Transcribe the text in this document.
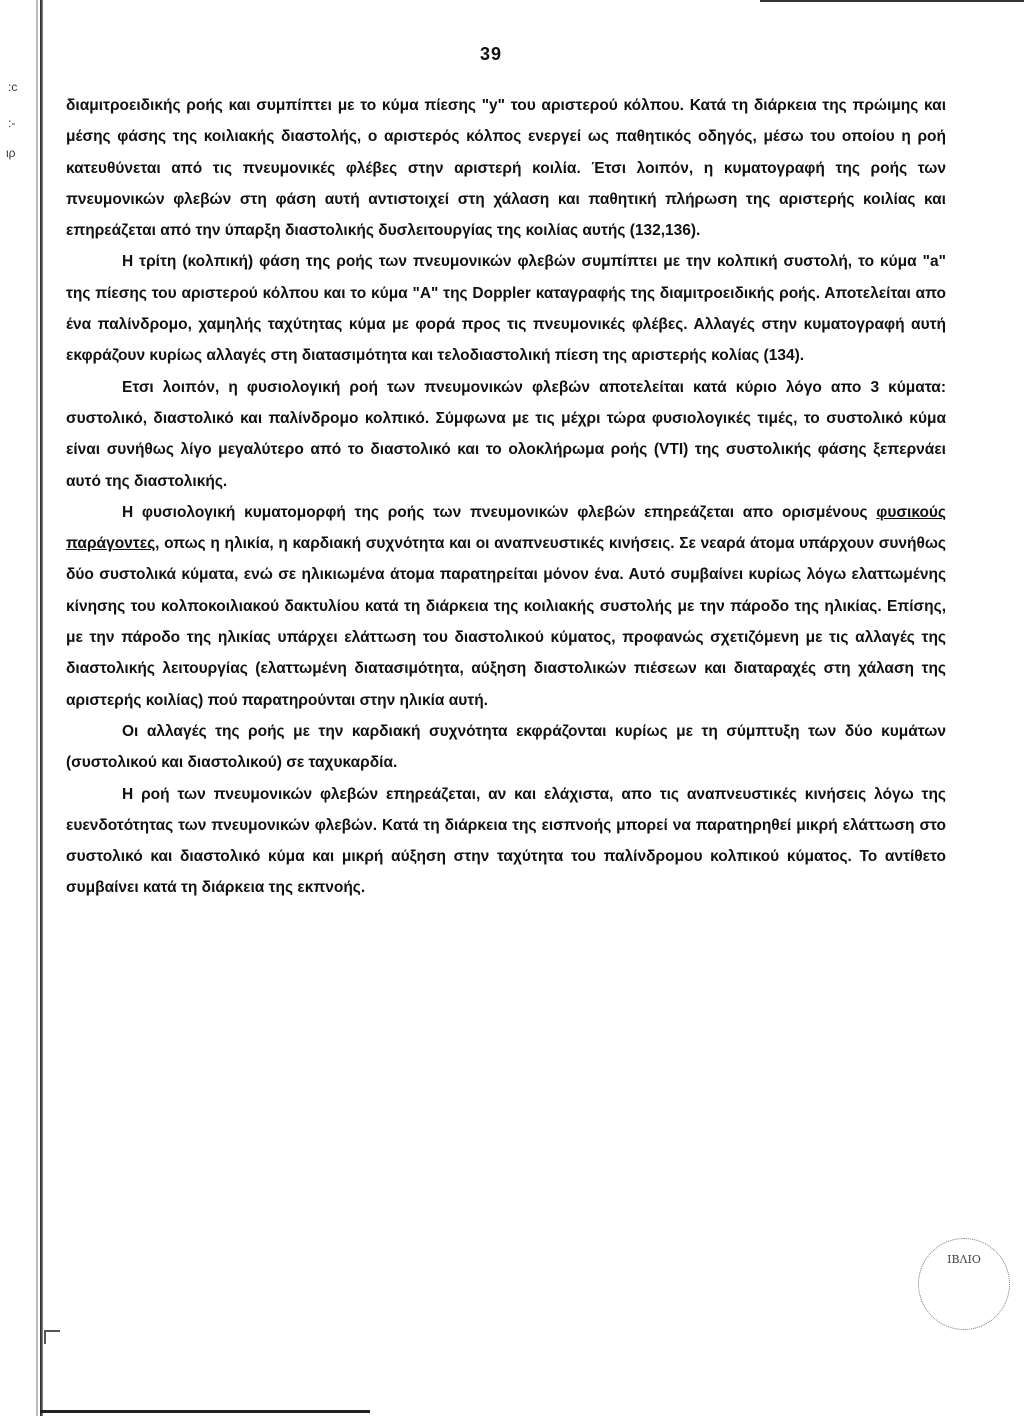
:c
:-
ιρ
39

διαμιτροειδικής ροής και συμπίπτει με το κύμα πίεσης "y" του αριστερού κόλπου. Κατά τη διάρκεια της πρώιμης και μέσης φάσης της κοιλιακής διαστολής, ο αριστερός κόλπος ενεργεί ως παθητικός οδηγός, μέσω του οποίου η ροή κατευθύνεται από τις πνευμονικές φλέβες στην αριστερή κοιλία. Έτσι λοιπόν, η κυματογραφή της ροής των πνευμονικών φλεβών στη φάση αυτή αντιστοιχεί στη χάλαση και παθητική πλήρωση της αριστερής κοιλίας και επηρεάζεται από την ύπαρξη διαστολικής δυσλειτουργίας της κοιλίας αυτής (132,136).

Η τρίτη (κολπική) φάση της ροής των πνευμονικών φλεβών συμπίπτει με την κολπική συστολή, το κύμα "a" της πίεσης του αριστερού κόλπου και το κύμα "Α" της Doppler καταγραφής της διαμιτροειδικής ροής. Αποτελείται απο ένα παλίνδρομο, χαμηλής ταχύτητας κύμα με φορά προς τις πνευμονικές φλέβες. Αλλαγές στην κυματογραφή αυτή εκφράζουν κυρίως αλλαγές στη διατασιμότητα και τελοδιαστολική πίεση της αριστερής κολίας (134).

Ετσι λοιπόν, η φυσιολογική ροή των πνευμονικών φλεβών αποτελείται κατά κύριο λόγο απο 3 κύματα: συστολικό, διαστολικό και παλίνδρομο κολπικό. Σύμφωνα με τις μέχρι τώρα φυσιολογικές τιμές, το συστολικό κύμα είναι συνήθως λίγο μεγαλύτερο από το διαστολικό και το ολοκλήρωμα ροής (VTI) της συστολικής φάσης ξεπερνάει αυτό της διαστολικής.

Η φυσιολογική κυματομορφή της ροής των πνευμονικών φλεβών επηρεάζεται απο ορισμένους φυσικούς παράγοντες, οπως η ηλικία, η καρδιακή συχνότητα και οι αναπνευστικές κινήσεις. Σε νεαρά άτομα υπάρχουν συνήθως δύο συστολικά κύματα, ενώ σε ηλικιωμένα άτομα παρατηρείται μόνον ένα. Αυτό συμβαίνει κυρίως λόγω ελαττωμένης κίνησης του κολποκοιλιακού δακτυλίου κατά τη διάρκεια της κοιλιακής συστολής με την πάροδο της ηλικίας. Επίσης, με την πάροδο της ηλικίας υπάρχει ελάττωση του διαστολικού κύματος, προφανώς σχετιζόμενη με τις αλλαγές της διαστολικής λειτουργίας (ελαττωμένη διατασιμότητα, αύξηση διαστολικών πιέσεων και διαταραχές στη χάλαση της αριστερής κοιλίας) πού παρατηρούνται στην ηλικία αυτή.

Οι αλλαγές της ροής με την καρδιακή συχνότητα εκφράζονται κυρίως με τη σύμπτυξη των δύο κυμάτων (συστολικού και διαστολικού) σε ταχυκαρδία.

Η ροή των πνευμονικών φλεβών επηρεάζεται, αν και ελάχιστα, απο τις αναπνευστικές κινήσεις λόγω της ευενδοτότητας των πνευμονικών φλεβών. Κατά τη διάρκεια της εισπνοής μπορεί να παρατηρηθεί μικρή ελάττωση στο συστολικό και διαστολικό κύμα και μικρή αύξηση στην ταχύτητα του παλίνδρομου κολπικού κύματος. Το αντίθετο συμβαίνει κατά τη διάρκεια της εκπνοής.

ΙΒΛΙΟ
